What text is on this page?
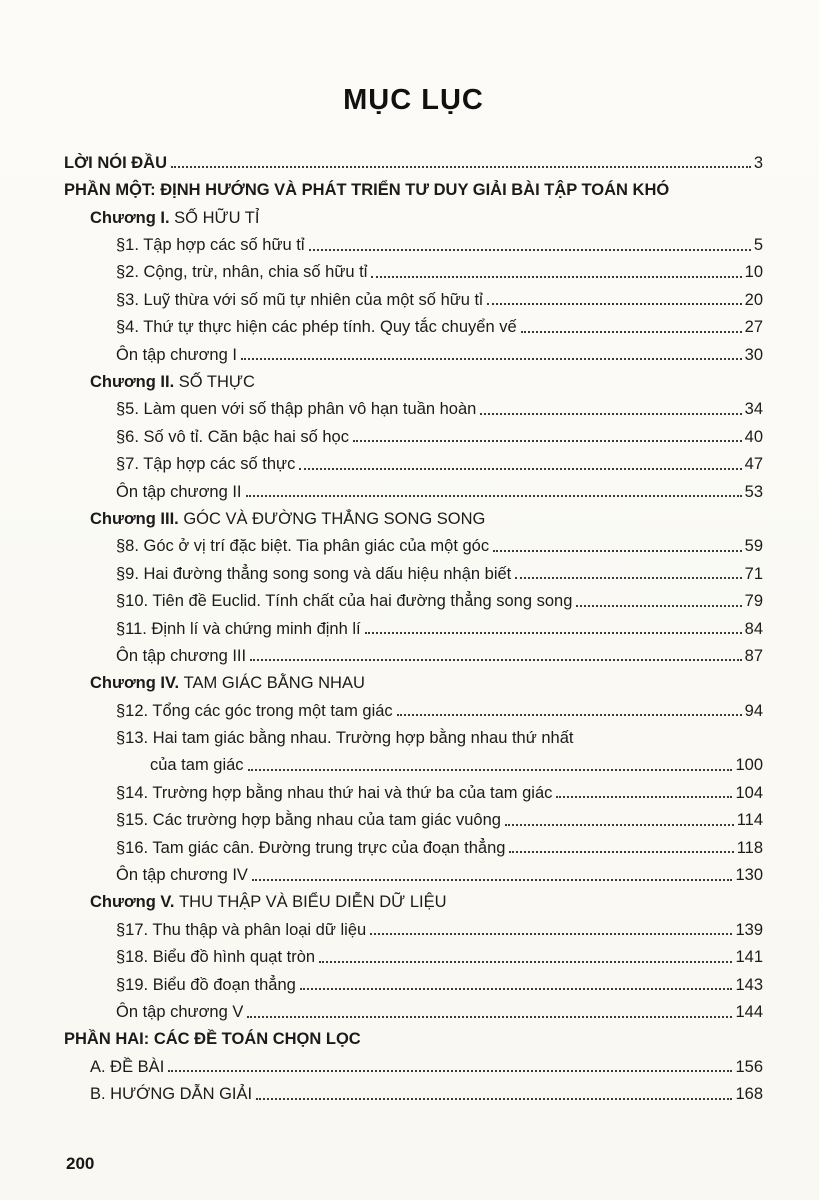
MỤC LỤC
LỜI NÓI ĐẦU	3
PHẦN MỘT: ĐỊNH HƯỚNG VÀ PHÁT TRIỂN TƯ DUY GIẢI BÀI TẬP TOÁN KHÓ
Chương I. SỐ HỮU TỈ
§1. Tập hợp các số hữu tỉ	5
§2. Cộng, trừ, nhân, chia số hữu tỉ	10
§3. Luỹ thừa với số mũ tự nhiên của một số hữu tỉ	20
§4. Thứ tự thực hiện các phép tính. Quy tắc chuyển vế	27
Ôn tập chương I	30
Chương II. SỐ THỰC
§5. Làm quen với số thập phân vô hạn tuần hoàn	34
§6. Số vô tỉ. Căn bậc hai số học	40
§7. Tập hợp các số thực	47
Ôn tập chương II	53
Chương III. GÓC VÀ ĐƯỜNG THẲNG SONG SONG
§8. Góc ở vị trí đặc biệt. Tia phân giác của một góc	59
§9. Hai đường thẳng song song và dấu hiệu nhận biết	71
§10. Tiên đề Euclid. Tính chất của hai đường thẳng song song	79
§11. Định lí và chứng minh định lí	84
Ôn tập chương III	87
Chương IV. TAM GIÁC BẰNG NHAU
§12. Tổng các góc trong một tam giác	94
§13. Hai tam giác bằng nhau. Trường hợp bằng nhau thứ nhất
của tam giác	100
§14. Trường hợp bằng nhau thứ hai và thứ ba của tam giác	104
§15. Các trường hợp bằng nhau của tam giác vuông	114
§16. Tam giác cân. Đường trung trực của đoạn thẳng	118
Ôn tập chương IV	130
Chương V. THU THẬP VÀ BIỂU DIỄN DỮ LIỆU
§17. Thu thập và phân loại dữ liệu	139
§18. Biểu đồ hình quạt tròn	141
§19. Biểu đồ đoạn thẳng	143
Ôn tập chương V	144
PHẦN HAI: CÁC ĐỀ TOÁN CHỌN LỌC
A. ĐỀ BÀI	156
B. HƯỚNG DẪN GIẢI	168
200
